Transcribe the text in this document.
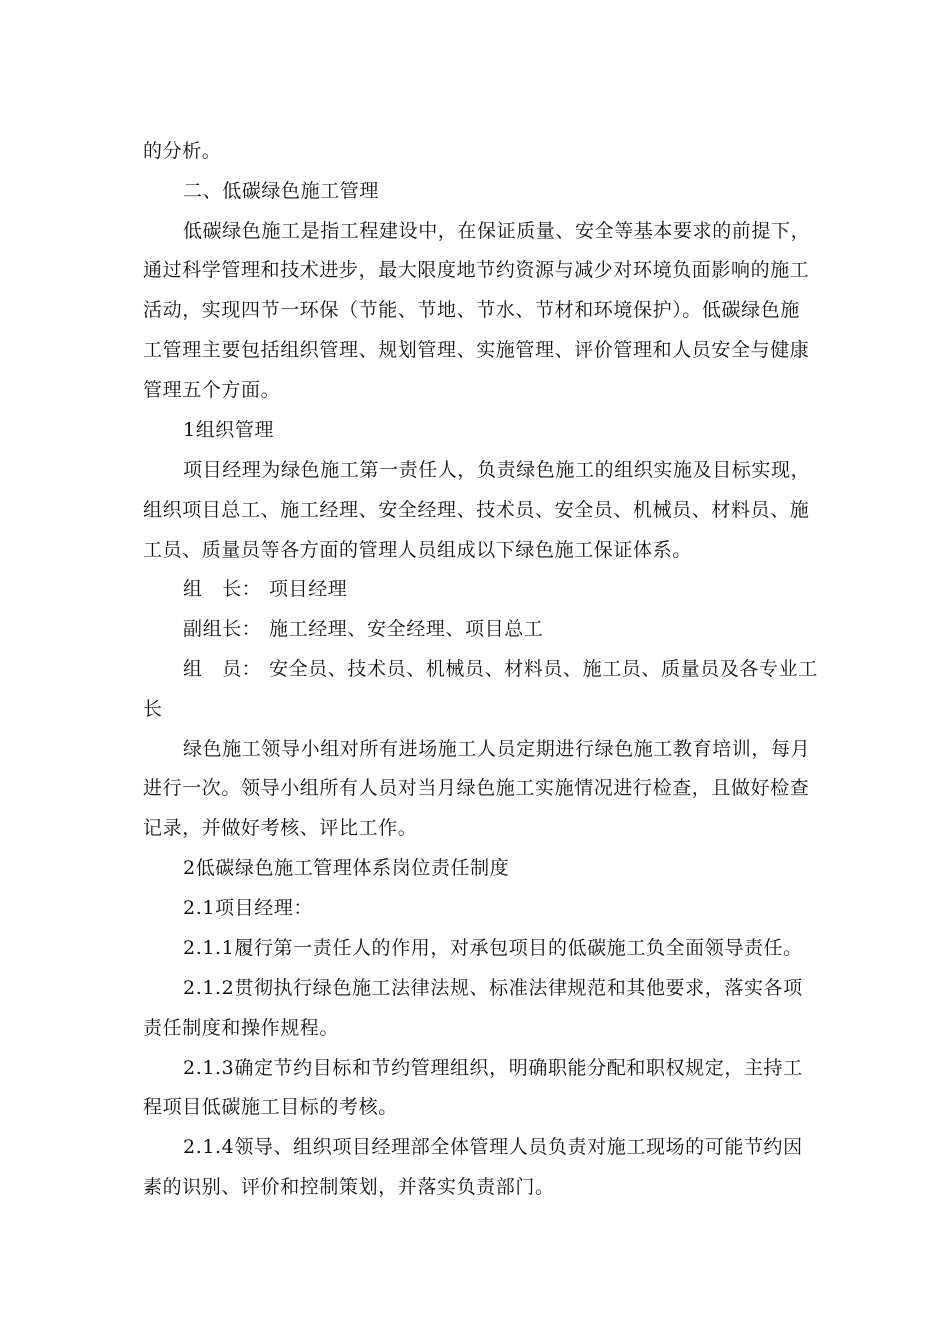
的分析。
二、低碳绿色施工管理
低碳绿色施工是指工程建设中，在保证质量、安全等基本要求的前提下，
通过科学管理和技术进步，最大限度地节约资源与减少对环境负面影响的施工
活动，实现四节一环保（节能、节地、节水、节材和环境保护）。低碳绿色施
工管理主要包括组织管理、规划管理、实施管理、评价管理和人员安全与健康
管理五个方面。
1组织管理
项目经理为绿色施工第一责任人，负责绿色施工的组织实施及目标实现，
组织项目总工、施工经理、安全经理、技术员、安全员、机械员、材料员、施
工员、质量员等各方面的管理人员组成以下绿色施工保证体系。
组　长： 项目经理
副组长： 施工经理、安全经理、项目总工
组　员： 安全员、技术员、机械员、材料员、施工员、质量员及各专业工
长
绿色施工领导小组对所有进场施工人员定期进行绿色施工教育培训，每月
进行一次。领导小组所有人员对当月绿色施工实施情况进行检查，且做好检查
记录，并做好考核、评比工作。
2低碳绿色施工管理体系岗位责任制度
2.1项目经理：
2.1.1履行第一责任人的作用，对承包项目的低碳施工负全面领导责任。
2.1.2贯彻执行绿色施工法律法规、标准法律规范和其他要求，落实各项
责任制度和操作规程。
2.1.3确定节约目标和节约管理组织，明确职能分配和职权规定，主持工
程项目低碳施工目标的考核。
2.1.4领导、组织项目经理部全体管理人员负责对施工现场的可能节约因
素的识别、评价和控制策划，并落实负责部门。
